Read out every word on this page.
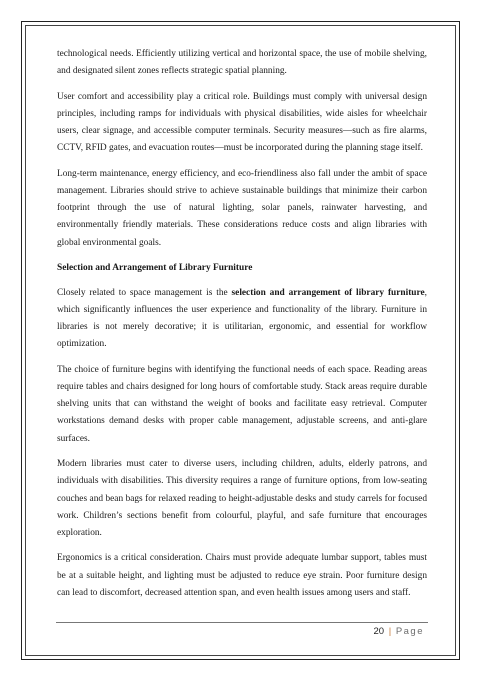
technological needs. Efficiently utilizing vertical and horizontal space, the use of mobile shelving, and designated silent zones reflects strategic spatial planning.

User comfort and accessibility play a critical role. Buildings must comply with universal design principles, including ramps for individuals with physical disabilities, wide aisles for wheelchair users, clear signage, and accessible computer terminals. Security measures—such as fire alarms, CCTV, RFID gates, and evacuation routes—must be incorporated during the planning stage itself.

Long-term maintenance, energy efficiency, and eco-friendliness also fall under the ambit of space management. Libraries should strive to achieve sustainable buildings that minimize their carbon footprint through the use of natural lighting, solar panels, rainwater harvesting, and environmentally friendly materials. These considerations reduce costs and align libraries with global environmental goals.

Selection and Arrangement of Library Furniture

Closely related to space management is the selection and arrangement of library furniture, which significantly influences the user experience and functionality of the library. Furniture in libraries is not merely decorative; it is utilitarian, ergonomic, and essential for workflow optimization.

The choice of furniture begins with identifying the functional needs of each space. Reading areas require tables and chairs designed for long hours of comfortable study. Stack areas require durable shelving units that can withstand the weight of books and facilitate easy retrieval. Computer workstations demand desks with proper cable management, adjustable screens, and anti-glare surfaces.

Modern libraries must cater to diverse users, including children, adults, elderly patrons, and individuals with disabilities. This diversity requires a range of furniture options, from low-seating couches and bean bags for relaxed reading to height-adjustable desks and study carrels for focused work. Children’s sections benefit from colourful, playful, and safe furniture that encourages exploration.

Ergonomics is a critical consideration. Chairs must provide adequate lumbar support, tables must be at a suitable height, and lighting must be adjusted to reduce eye strain. Poor furniture design can lead to discomfort, decreased attention span, and even health issues among users and staff.

20 | Page
